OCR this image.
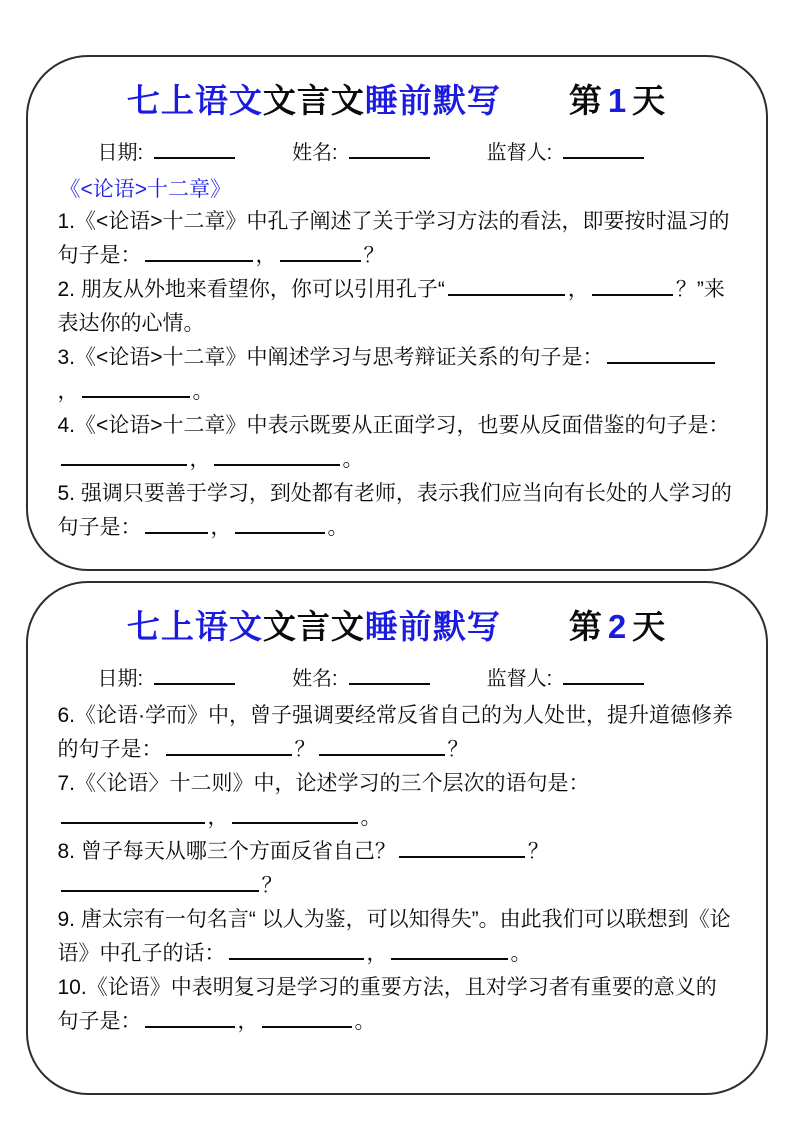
七上语文 文言文 睡前默写 第 1 天
日期:	姓名:	监督人:
《<论语>十二章》

1.《<论语>十二章》中孔子阐述了关于学习方法的看法，即要按时温习的句子是：	，	？

2. 朋友从外地来看望你，你可以引用孔子“	，	？”来表达你的心情。

3.《<论语>十二章》中阐述学习与思考辩证关系的句子是：，	。

4.《<论语>十二章》中表示既要从正面学习，也要从反面借鉴的句子是：，	。

5. 强调只要善于学习，到处都有老师，表示我们应当向有长处的人学习的句子是：	，	。

七上语文 文言文 睡前默写 第 2 天
日期:	姓名:	监督人:

6.《论语·学而》中，曾子强调要经常反省自己的为人处世，提升道德修养的句子是：	？	？

7.《〈论语〉十二则》中，论述学习的三个层次的语句是：，	。

8. 曾子每天从哪三个方面反省自己？	？？

9. 唐太宗有一句名言“ 以人为鉴，可以知得失”。由此我们可以联想到《论语》中孔子的话：	，	。

10.《论语》中表明复习是学习的重要方法，且对学习者有重要的意义的句子是：	，	。
